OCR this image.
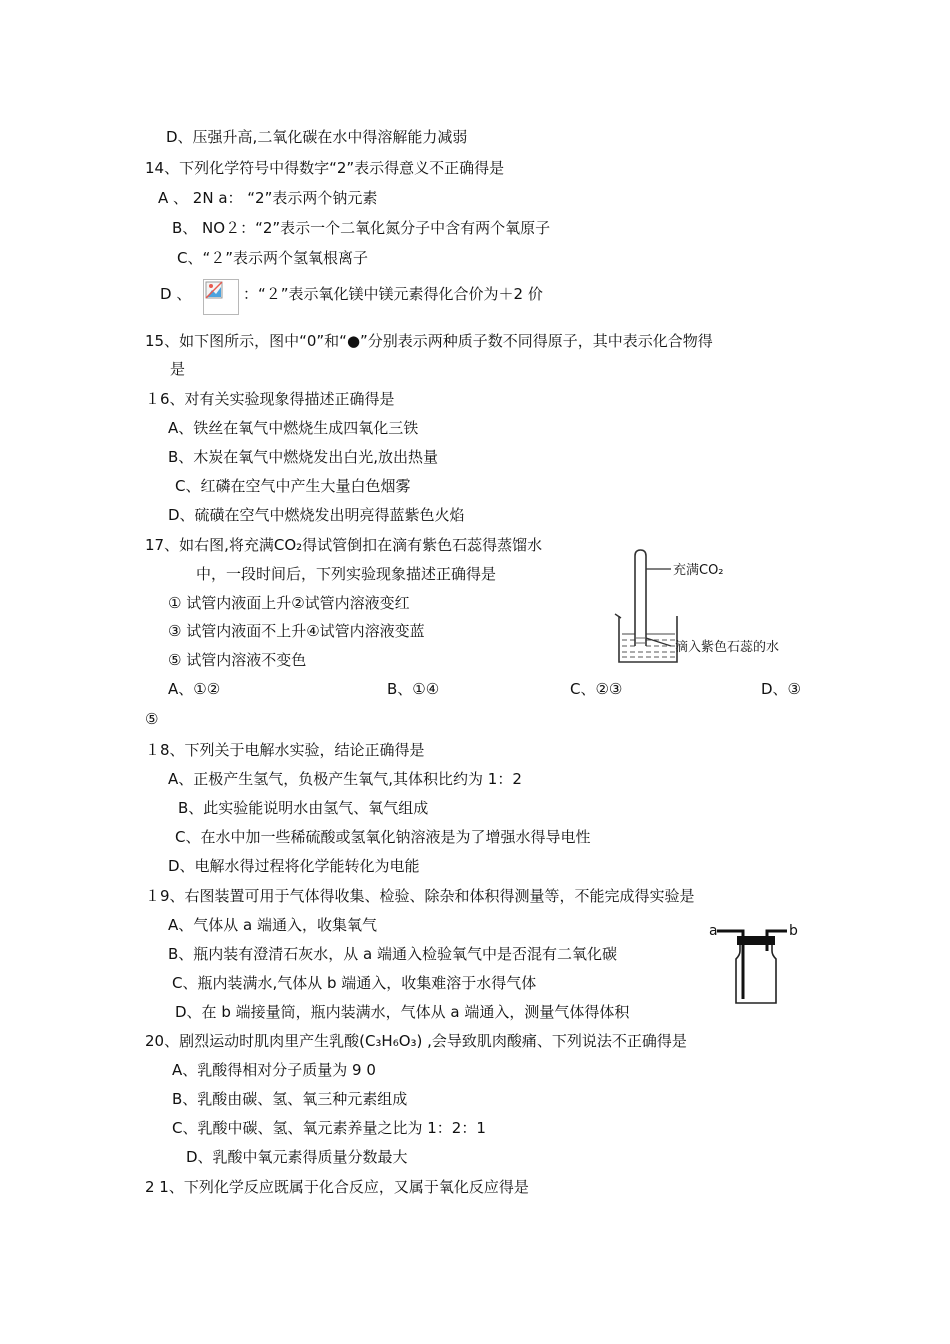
D、压强升高,二氧化碳在水中得溶解能力减弱
14、下列化学符号中得数字“2”表示得意义不正确得是
A 、 2N a： “2”表示两个钠元素
B、 NO２：“2”表示一个二氧化氮分子中含有两个氧原子
C、“２”表示两个氢氧根离子
D 、	：“２”表示氧化镁中镁元素得化合价为＋2 价
15、如下图所示，图中“0”和“●”分别表示两种质子数不同得原子，其中表示化合物得
是
１6、对有关实验现象得描述正确得是
A、铁丝在氧气中燃烧生成四氧化三铁
B、木炭在氧气中燃烧发出白光,放出热量
C、红磷在空气中产生大量白色烟雾
D、硫磺在空气中燃烧发出明亮得蓝紫色火焰
17、如右图,将充满CO₂得试管倒扣在滴有紫色石蕊得蒸馏水
中，一段时间后，下列实验现象描述正确得是
① 试管内液面上升②试管内溶液变红
③ 试管内液面不上升④试管内溶液变蓝
⑤ 试管内溶液不变色
A、①②	B、①④	C、②③	D、③
⑤
充满CO₂
滴入紫色石蕊的水
１8、下列关于电解水实验，结论正确得是
A、正极产生氢气，负极产生氧气,其体积比约为 1：2
B、此实验能说明水由氢气、氧气组成
C、在水中加一些稀硫酸或氢氧化钠溶液是为了增强水得导电性
D、电解水得过程将化学能转化为电能
１9、右图装置可用于气体得收集、检验、除杂和体积得测量等，不能完成得实验是
A、气体从 a 端通入，收集氧气
B、瓶内装有澄清石灰水，从 a 端通入检验氧气中是否混有二氧化碳
C、瓶内装满水,气体从 b 端通入，收集难溶于水得气体
D、在 b 端接量筒，瓶内装满水，气体从 a 端通入，测量气体得体积
a	b
20、剧烈运动时肌肉里产生乳酸(C₃H₆O₃) ,会导致肌肉酸痛、下列说法不正确得是
A、乳酸得相对分子质量为 9 0
B、乳酸由碳、氢、氧三种元素组成
C、乳酸中碳、氢、氧元素养量之比为 1：2：1
D、乳酸中氧元素得质量分数最大
2 1、下列化学反应既属于化合反应，又属于氧化反应得是
